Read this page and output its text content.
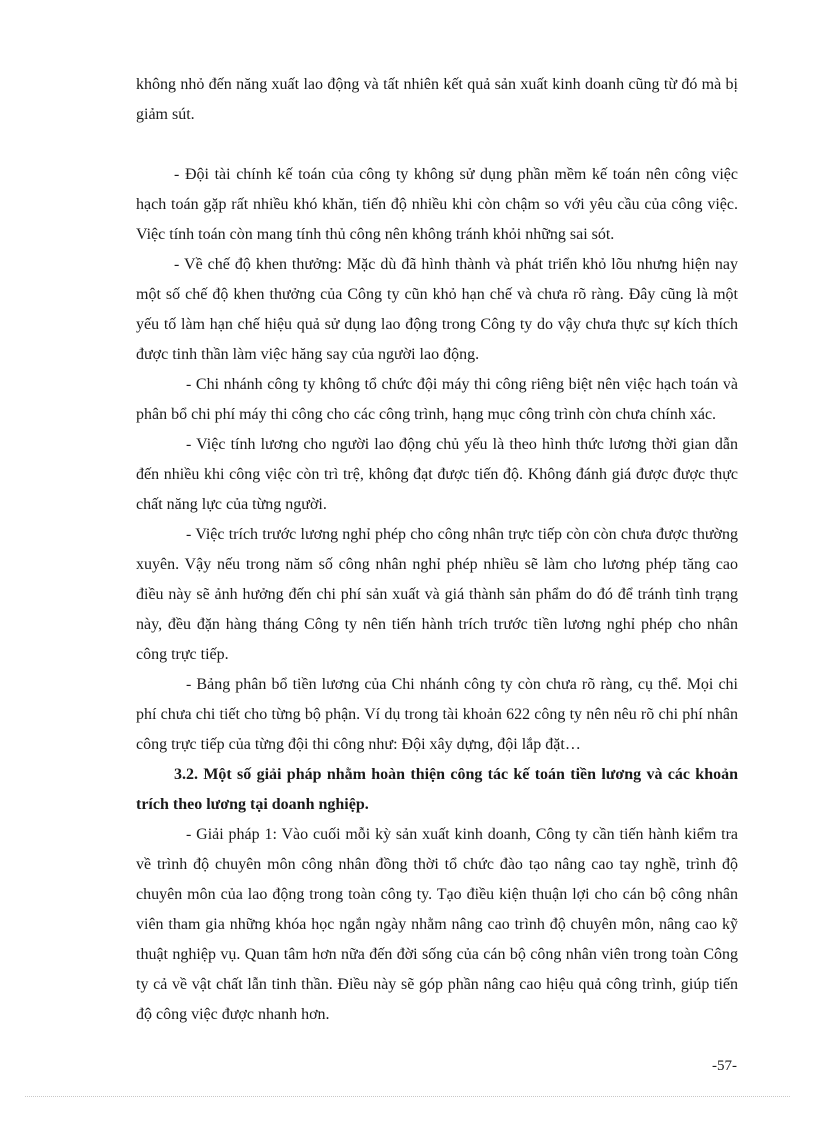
không nhỏ đến năng xuất lao động và tất nhiên kết quả sản xuất kinh doanh cũng từ đó mà bị giảm sút.

- Đội tài chính kế toán của công ty không sử dụng phần mềm kế toán nên công việc hạch toán gặp rất nhiều khó khăn, tiến độ nhiều khi còn chậm so với yêu cầu của công việc. Việc tính toán còn mang tính thủ công nên không tránh khỏi những sai sót.

- Về chế độ khen thưởng: Mặc dù đã hình thành và phát triển khỏ lõu nhưng hiện nay một số chế độ khen thưởng của Công ty cũn khỏ hạn chế và chưa rõ ràng. Đây cũng là một yếu tố làm hạn chế hiệu quả sử dụng lao động trong Công ty do vậy chưa thực sự kích thích được tinh thần làm việc hăng say của người lao động.

- Chi nhánh công ty không tổ chức đội máy thi công riêng biệt nên việc hạch toán và phân bổ chi phí máy thi công cho các công trình, hạng mục công trình còn chưa chính xác.

- Việc tính lương cho người lao động chủ yếu là theo hình thức lương thời gian dẫn đến nhiều khi công việc còn trì trệ, không đạt được tiến độ. Không đánh giá được được thực chất năng lực của từng người.

- Việc trích trước lương nghỉ phép cho công nhân trực tiếp còn còn chưa được thường xuyên. Vậy nếu trong năm số công nhân nghỉ phép nhiều sẽ làm cho lương phép tăng cao điều này sẽ ảnh hưởng đến chi phí sản xuất và giá thành sản phẩm do đó để tránh tình trạng này, đều đặn hàng tháng Công ty nên tiến hành trích trước tiền lương nghỉ phép cho nhân công trực tiếp.

- Bảng phân bổ tiền lương của Chi nhánh công ty còn chưa rõ ràng, cụ thể. Mọi chi phí chưa chi tiết cho từng bộ phận. Ví dụ trong tài khoản 622 công ty nên nêu rõ chi phí nhân công trực tiếp của từng đội thi công như: Đội xây dựng, đội lắp đặt…

3.2. Một số giải pháp nhằm hoàn thiện công tác kế toán tiền lương và các khoản trích theo lương tại doanh nghiệp.

- Giải pháp 1: Vào cuối mỗi kỳ sản xuất kinh doanh, Công ty cần tiến hành kiểm tra về trình độ chuyên môn công nhân đồng thời tổ chức đào tạo nâng cao tay nghề, trình độ chuyên môn của lao động trong toàn công ty. Tạo điều kiện thuận lợi cho cán bộ công nhân viên tham gia những khóa học ngắn ngày nhằm nâng cao trình độ chuyên môn, nâng cao kỹ thuật nghiệp vụ. Quan tâm hơn nữa đến đời sống của cán bộ công nhân viên trong toàn Công ty cả về vật chất lẫn tinh thần. Điều này sẽ góp phần nâng cao hiệu quả công trình, giúp tiến độ công việc được nhanh hơn.

-57-
